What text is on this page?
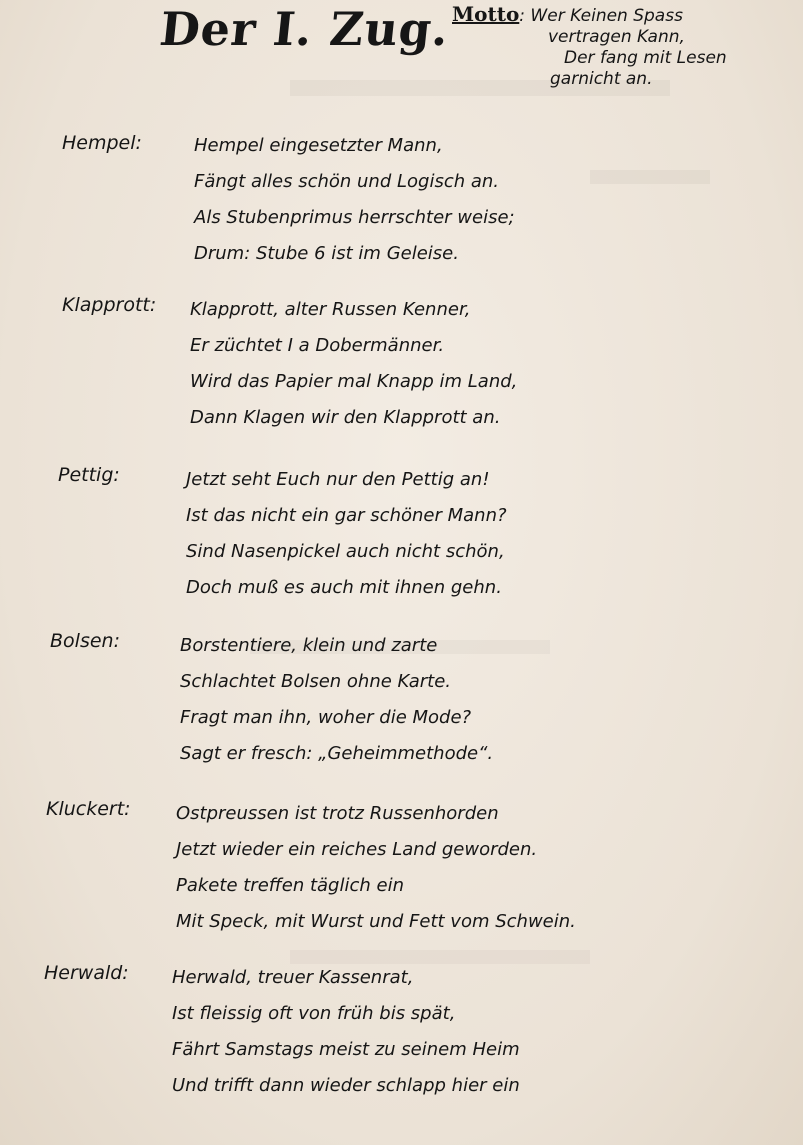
Der I. Zug. Motto: Wer Keinen Spass
vertragen Kann,
Der fang mit Lesen
garnicht an.
Hempel:	Hempel eingesetzter Mann,
Fängt alles schön und Logisch an.
Als Stubenprimus herrschter weise;
Drum: Stube 6 ist im Geleise.
Klapprott: Klapprott, alter Russen Kenner,
Er züchtet I a Dobermänner.
Wird das Papier mal Knapp im Land,
Dann Klagen wir den Klapprott an.
Pettig:	Jetzt seht Euch nur den Pettig an!
Ist das nicht ein gar schöner Mann?
Sind Nasenpickel auch nicht schön,
Doch muß es auch mit ihnen gehn.
Bolsen:	Borstentiere, klein und zarte
Schlachtet Bolsen ohne Karte.
Fragt man ihn, woher die Mode?
Sagt er fresch: „Geheimmethode“.
Kluckert:	Ostpreussen ist trotz Russenhorden
Jetzt wieder ein reiches Land geworden.
Pakete treffen täglich ein
Mit Speck, mit Wurst und Fett vom Schwein.
Herwald: Herwald, treuer Kassenrat,
Ist fleissig oft von früh bis spät,
Fährt Samstags meist zu seinem Heim
Und trifft dann wieder schlapp hier ein
